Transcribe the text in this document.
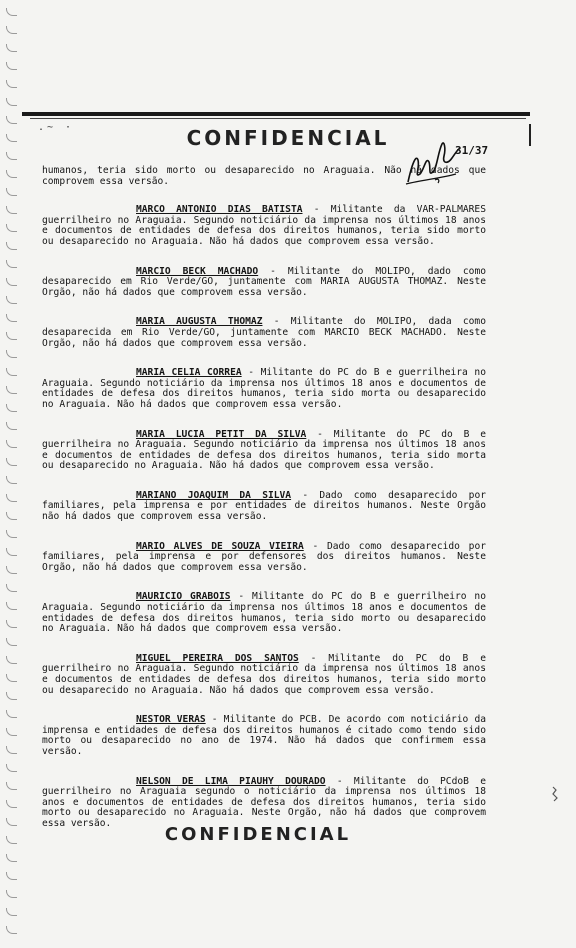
.~ ·	CONFIDENCIAL
31/37

humanos, teria sido morto ou desaparecido no Araguaia. Não há dados que comprovem essa versão.

MARCO ANTONIO DIAS BATISTA - Militante da VAR-PALMARES guerrilheiro no Araguaia. Segundo noticiário da imprensa nos últimos 18 anos e documentos de entidades de defesa dos direitos humanos, teria sido morto ou desaparecido no Araguaia. Não há dados que comprovem essa versão.

MARCIO BECK MACHADO - Militante do MOLIPO, dado como desaparecido em Rio Verde/GO, juntamente com MARIA AUGUSTA THOMAZ. Neste Orgão, não há dados que comprovem essa versão.

MARIA AUGUSTA THOMAZ - Militante do MOLIPO, dada como desaparecida em Rio Verde/GO, juntamente com MARCIO BECK MACHADO. Neste Orgão, não há dados que comprovem essa versão.

MARIA CELIA CORREA - Militante do PC do B e guerrilheira no Araguaia. Segundo noticiário da imprensa nos últimos 18 anos e documentos de entidades de defesa dos direitos humanos, teria sido morta ou desaparecido no Araguaia. Não há dados que comprovem essa versão.

MARIA LUCIA PETIT DA SILVA - Militante do PC do B e guerrilheira no Araguaia. Segundo noticiário da imprensa nos últimos 18 anos e documentos de entidades de defesa dos direitos humanos, teria sido morta ou desaparecido no Araguaia. Não há dados que comprovem essa versão.

MARIANO JOAQUIM DA SILVA - Dado como desaparecido por familiares, pela imprensa e por entidades de direitos humanos. Neste Orgão não há dados que comprovem essa versão.

MARIO ALVES DE SOUZA VIEIRA - Dado como desaparecido por familiares, pela imprensa e por defensores dos direitos humanos. Neste Orgão, não há dados que comprovem essa versão.

MAURICIO GRABOIS - Militante do PC do B e guerrilheiro no Araguaia. Segundo noticiário da imprensa nos últimos 18 anos e documentos de entidades de defesa dos direitos humanos, teria sido morto ou desaparecido no Araguaia. Não há dados que comprovem essa versão.

MIGUEL PEREIRA DOS SANTOS - Militante do PC do B e guerrilheiro no Araguaia. Segundo noticiário da imprensa nos últimos 18 anos e documentos de entidades de defesa dos direitos humanos, teria sido morto ou desaparecido no Araguaia. Não há dados que comprovem essa versão.

NESTOR VERAS - Militante do PCB. De acordo com noticiário da imprensa e entidades de defesa dos direitos humanos é citado como tendo sido morto ou desaparecido no ano de 1974. Não há dados que confirmem essa versão.

NELSON DE LIMA PIAUHY DOURADO - Militante do PCdoB e guerrilheiro no Araguaia segundo o noticiário da imprensa nos últimos 18 anos e documentos de entidades de defesa dos direitos humanos, teria sido morto ou desaparecido no Araguaia. Neste Orgão, não há dados que comprovem essa versão.

CONFIDENCIAL
